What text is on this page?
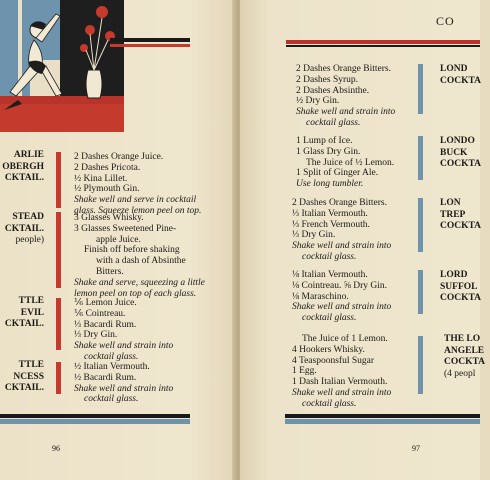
ARLIE
OBERGH
CKTAIL.
2 Dashes Orange Juice.
2 Dashes Pricota.
½ Kina Lillet.
½ Plymouth Gin.
Shake well and serve in cocktail
glass. Squeeze lemon peel on top.
STEAD
CKTAIL.
people)
3 Glasses Whisky.
3 Glasses Sweetened Pine-
apple Juice.
Finish off before shaking
with a dash of Absinthe
Bitters.
Shake and serve, squeezing a little
lemon peel on top of each glass.
TTLE
EVIL
CKTAIL.
⅙ Lemon Juice.
⅙ Cointreau.
⅓ Bacardi Rum.
⅓ Dry Gin.
Shake well and strain into
cocktail glass.
TTLE
NCESS
CKTAIL.
½ Italian Vermouth.
½ Bacardi Rum.
Shake well and strain into
cocktail glass.
96	97
CO
2 Dashes Orange Bitters.
2 Dashes Syrup.
2 Dashes Absinthe.
½ Dry Gin.
Shake well and strain into
cocktail glass.
LOND
COCKTA
1 Lump of Ice.
1 Glass Dry Gin.
The Juice of ½ Lemon.
1 Split of Ginger Ale.
Use long tumbler.
LONDO
BUCK
COCKTA
2 Dashes Orange Bitters.
⅓ Italian Vermouth.
⅓ French Vermouth.
⅓ Dry Gin.
Shake well and strain into
cocktail glass.
LON
TREP
COCKTA
⅛ Italian Vermouth.
⅛ Cointreau. ⅝ Dry Gin.
⅛ Maraschino.
Shake well and strain into
cocktail glass.
LORD
SUFFOL
COCKTA
The Juice of 1 Lemon.
4 Hookers Whisky.
4 Teaspoonsful Sugar
1 Egg.
1 Dash Italian Vermouth.
Shake well and strain into
cocktail glass.
THE LO
ANGELE
COCKTA
(4 peopl
